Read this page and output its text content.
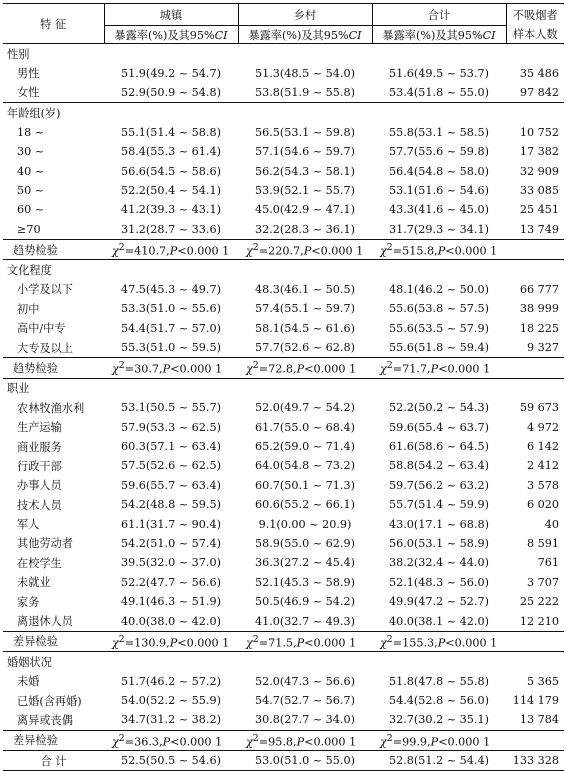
特 征	城镇	乡村	合计	不吸烟者
	暴露率(%)及其95%CI	暴露率(%)及其95%CI	暴露率(%)及其95%CI	样本人数
性别				
男性	51.9(49.2 ~ 54.7)	51.3(48.5 ~ 54.0)	51.6(49.5 ~ 53.7)	35 486
女性	52.9(50.9 ~ 54.8)	53.8(51.9 ~ 55.8)	53.4(51.8 ~ 55.0)	97 842
年龄组(岁)				
18 ~	55.1(51.4 ~ 58.8)	56.5(53.1 ~ 59.8)	55.8(53.1 ~ 58.5)	10 752
30 ~	58.4(55.3 ~ 61.4)	57.1(54.6 ~ 59.7)	57.7(55.6 ~ 59.8)	17 382
40 ~	56.6(54.5 ~ 58.6)	56.2(54.3 ~ 58.1)	56.4(54.8 ~ 58.0)	32 909
50 ~	52.2(50.4 ~ 54.1)	53.9(52.1 ~ 55.7)	53.1(51.6 ~ 54.6)	33 085
60 ~	41.2(39.3 ~ 43.1)	45.0(42.9 ~ 47.1)	43.3(41.6 ~ 45.0)	25 451
≥70	31.2(28.7 ~ 33.6)	32.2(28.3 ~ 36.1)	31.7(29.3 ~ 34.1)	13 749
趋势检验	$\chi^2=410.7,P<0.000$ 1	$\chi^2=220.7,P<0.000$ 1	$\chi^2=515.8,P<0.000$ 1	
文化程度				
小学及以下	47.5(45.3 ~ 49.7)	48.3(46.1 ~ 50.5)	48.1(46.2 ~ 50.0)	66 777
初中	53.3(51.0 ~ 55.6)	57.4(55.1 ~ 59.7)	55.6(53.8 ~ 57.5)	38 999
高中/中专	54.4(51.7 ~ 57.0)	58.1(54.5 ~ 61.6)	55.6(53.5 ~ 57.9)	18 225
大专及以上	55.3(51.0 ~ 59.5)	57.7(52.6 ~ 62.8)	55.6(51.8 ~ 59.4)	9 327
趋势检验	$\chi^2=30.7,P<0.000$ 1	$\chi^2=72.8,P<0.000$ 1	$\chi^2=71.7,P<0.000$ 1	
职业				
农林牧渔水利	53.1(50.5 ~ 55.7)	52.0(49.7 ~ 54.2)	52.2(50.2 ~ 54.3)	59 673
生产运输	57.9(53.3 ~ 62.5)	61.7(55.0 ~ 68.4)	59.6(55.4 ~ 63.7)	4 972
商业服务	60.3(57.1 ~ 63.4)	65.2(59.0 ~ 71.4)	61.6(58.6 ~ 64.5)	6 142
行政干部	57.5(52.6 ~ 62.5)	64.0(54.8 ~ 73.2)	58.8(54.2 ~ 63.4)	2 412
办事人员	59.6(55.7 ~ 63.4)	60.7(50.1 ~ 71.3)	59.7(56.2 ~ 63.2)	3 578
技术人员	54.2(48.8 ~ 59.5)	60.6(55.2 ~ 66.1)	55.7(51.4 ~ 59.9)	6 020
军人	61.1(31.7 ~ 90.4)	9.1(0.00 ~ 20.9)	43.0(17.1 ~ 68.8)	40
其他劳动者	54.2(51.0 ~ 57.4)	58.9(55.0 ~ 62.9)	56.0(53.1 ~ 58.9)	8 591
在校学生	39.5(32.0 ~ 37.0)	36.3(27.2 ~ 45.4)	38.2(32.4 ~ 44.0)	761
未就业	52.2(47.7 ~ 56.6)	52.1(45.3 ~ 58.9)	52.1(48.3 ~ 56.0)	3 707
家务	49.1(46.3 ~ 51.9)	50.5(46.9 ~ 54.2)	49.9(47.2 ~ 52.7)	25 222
离退休人员	40.0(38.0 ~ 42.0)	41.0(32.7 ~ 49.3)	40.0(38.1 ~ 42.0)	12 210
差异检验	$\chi^2=130.9,P<0.000$ 1	$\chi^2=71.5,P<0.000$ 1	$\chi^2=155.3,P<0.000$ 1	
婚姻状况				
未婚	51.7(46.2 ~ 57.2)	52.0(47.3 ~ 56.6)	51.8(47.8 ~ 55.8)	5 365
已婚(含再婚)	54.0(52.2 ~ 55.9)	54.7(52.7 ~ 56.7)	54.4(52.8 ~ 56.0)	114 179
离异或丧偶	34.7(31.2 ~ 38.2)	30.8(27.7 ~ 34.0)	32.7(30.2 ~ 35.1)	13 784
差异检验	$\chi^2=36.3,P<0.000$ 1	$\chi^2=95.8,P<0.000$ 1	$\chi^2=99.9,P<0.000$ 1	
合 计	52.5(50.5 ~ 54.6)	53.0(51.0 ~ 55.0)	52.8(51.2 ~ 54.4)	133 328
